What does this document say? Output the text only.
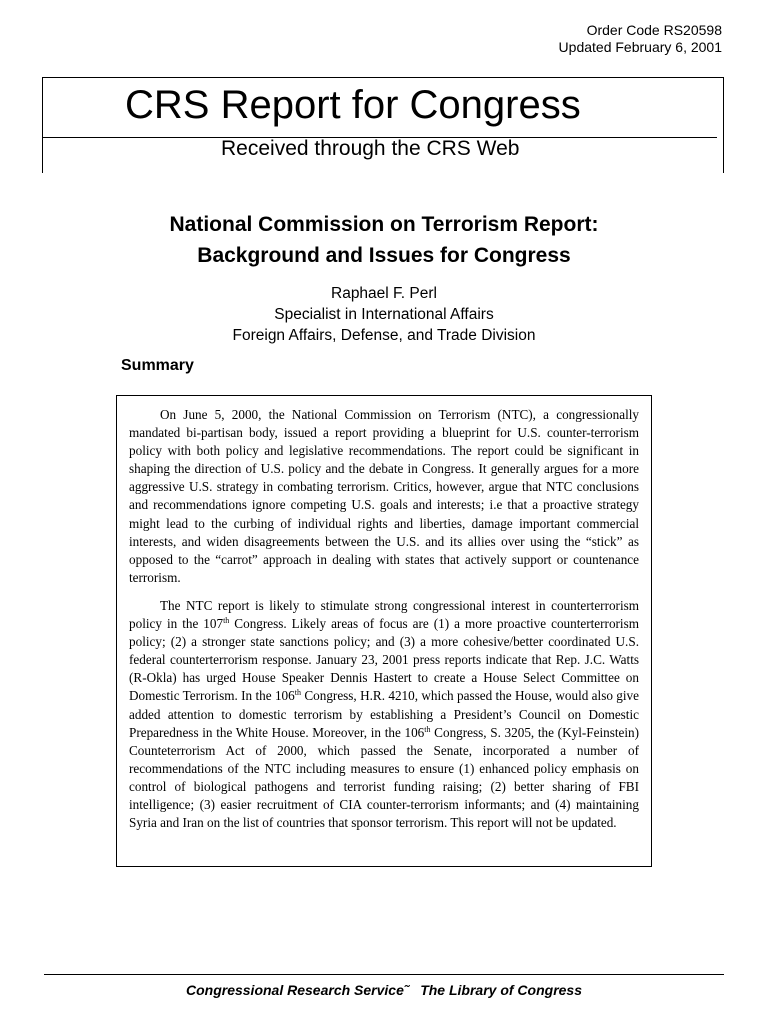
Order Code RS20598
Updated February 6, 2001
CRS Report for Congress
Received through the CRS Web
National Commission on Terrorism Report:
Background and Issues for Congress
Raphael F. Perl
Specialist in International Affairs
Foreign Affairs, Defense, and Trade Division
Summary

On June 5, 2000, the National Commission on Terrorism (NTC), a congressionally mandated bi-partisan body, issued a report providing a blueprint for U.S. counter-terrorism policy with both policy and legislative recommendations. The report could be significant in shaping the direction of U.S. policy and the debate in Congress. It generally argues for a more aggressive U.S. strategy in combating terrorism. Critics, however, argue that NTC conclusions and recommendations ignore competing U.S. goals and interests; i.e that a proactive strategy might lead to the curbing of individual rights and liberties, damage important commercial interests, and widen disagreements between the U.S. and its allies over using the “stick” as opposed to the “carrot” approach in dealing with states that actively support or countenance terrorism.

The NTC report is likely to stimulate strong congressional interest in counterterrorism policy in the 107th Congress. Likely areas of focus are (1) a more proactive counterterrorism policy; (2) a stronger state sanctions policy; and (3) a more cohesive/better coordinated U.S. federal counterterrorism response. January 23, 2001 press reports indicate that Rep. J.C. Watts (R-Okla) has urged House Speaker Dennis Hastert to create a House Select Committee on Domestic Terrorism. In the 106th Congress, H.R. 4210, which passed the House, would also give added attention to domestic terrorism by establishing a President’s Council on Domestic Preparedness in the White House. Moreover, in the 106th Congress, S. 3205, the (Kyl-Feinstein) Counteterrorism Act of 2000, which passed the Senate, incorporated a number of recommendations of the NTC including measures to ensure (1) enhanced policy emphasis on control of biological pathogens and terrorist funding raising; (2) better sharing of FBI intelligence; (3) easier recruitment of CIA counter-terrorism informants; and (4) maintaining Syria and Iran on the list of countries that sponsor terrorism. This report will not be updated.

Congressional Research Service˜   The Library of Congress
